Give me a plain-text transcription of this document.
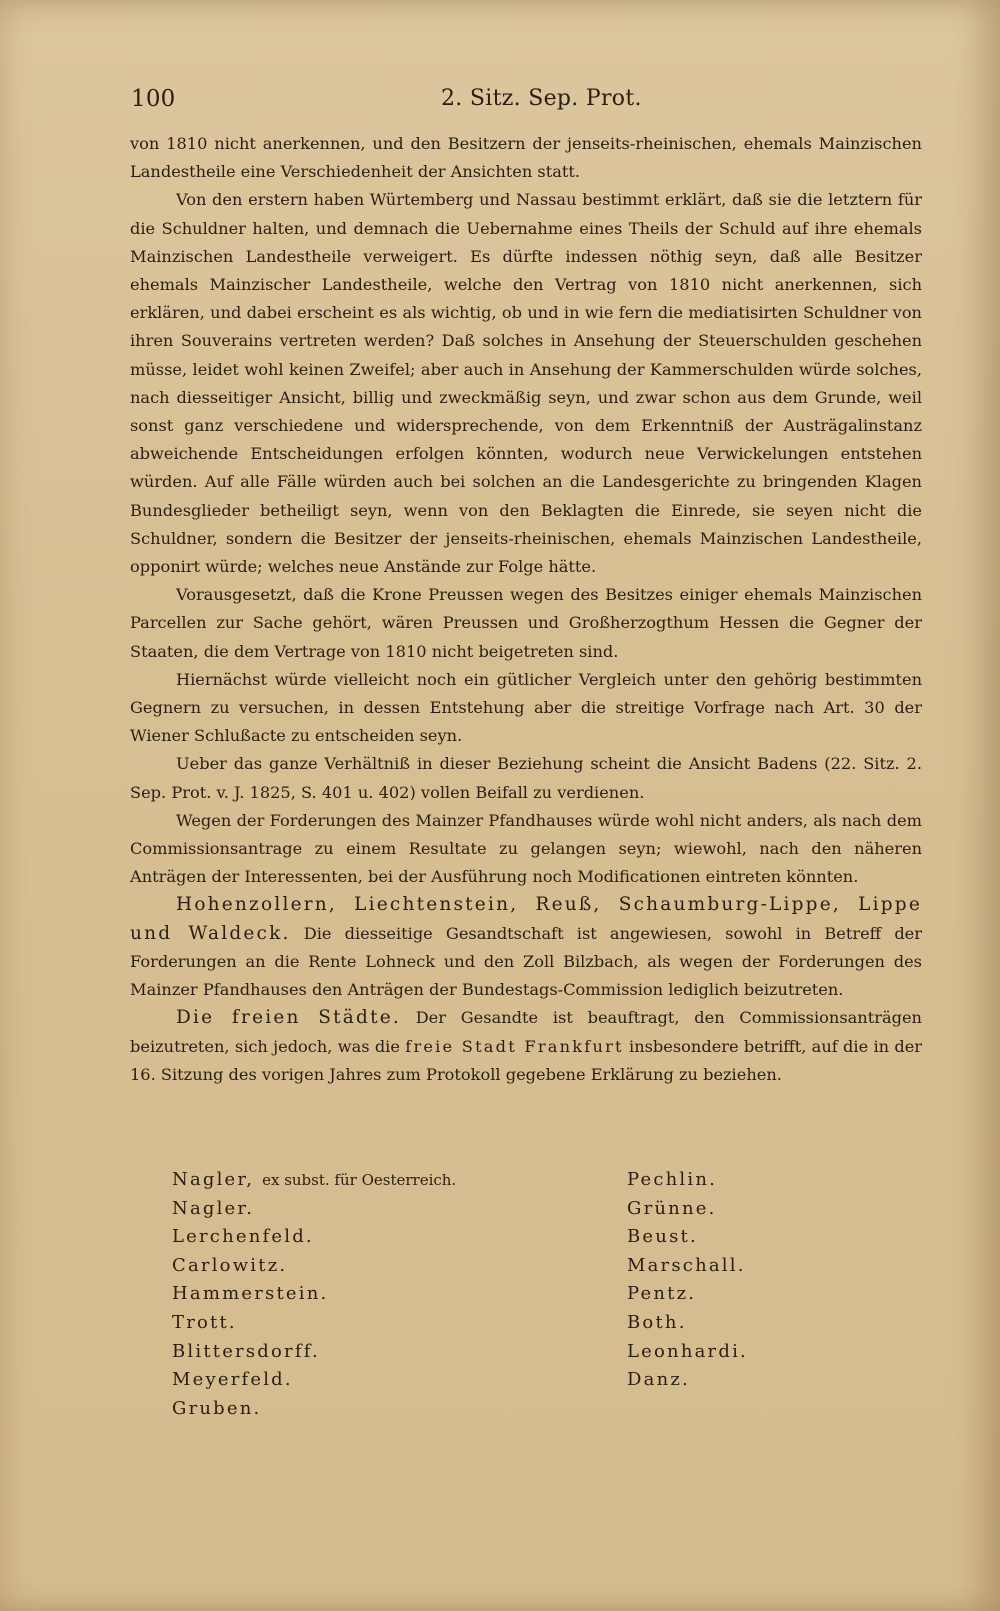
100	2. Sitz. Sep. Prot.

von 1810 nicht anerkennen, und den Besitzern der jenseits-rheinischen, ehemals Mainzischen Landestheile eine Verschiedenheit der Ansichten statt.

Von den erstern haben Würtemberg und Nassau bestimmt erklärt, daß sie die letztern für die Schuldner halten, und demnach die Uebernahme eines Theils der Schuld auf ihre ehemals Mainzischen Landestheile verweigert. Es dürfte indessen nöthig seyn, daß alle Besitzer ehemals Mainzischer Landestheile, welche den Vertrag von 1810 nicht anerkennen, sich erklären, und dabei erscheint es als wichtig, ob und in wie fern die mediatisirten Schuldner von ihren Souverains vertreten werden? Daß solches in Ansehung der Steuerschulden geschehen müsse, leidet wohl keinen Zweifel; aber auch in Ansehung der Kammerschulden würde solches, nach diesseitiger Ansicht, billig und zweckmäßig seyn, und zwar schon aus dem Grunde, weil sonst ganz verschiedene und widersprechende, von dem Erkenntniß der Austrägalinstanz abweichende Entscheidungen erfolgen könnten, wodurch neue Verwickelungen entstehen würden. Auf alle Fälle würden auch bei solchen an die Landesgerichte zu bringenden Klagen Bundesglieder betheiligt seyn, wenn von den Beklagten die Einrede, sie seyen nicht die Schuldner, sondern die Besitzer der jenseits-rheinischen, ehemals Mainzischen Landestheile, opponirt würde; welches neue Anstände zur Folge hätte.

Vorausgesetzt, daß die Krone Preussen wegen des Besitzes einiger ehemals Mainzischen Parcellen zur Sache gehört, wären Preussen und Großherzogthum Hessen die Gegner der Staaten, die dem Vertrage von 1810 nicht beigetreten sind.

Hiernächst würde vielleicht noch ein gütlicher Vergleich unter den gehörig bestimmten Gegnern zu versuchen, in dessen Entstehung aber die streitige Vorfrage nach Art. 30 der Wiener Schlußacte zu entscheiden seyn.

Ueber das ganze Verhältniß in dieser Beziehung scheint die Ansicht Badens (22. Sitz. 2. Sep. Prot. v. J. 1825, S. 401 u. 402) vollen Beifall zu verdienen.

Wegen der Forderungen des Mainzer Pfandhauses würde wohl nicht anders, als nach dem Commissionsantrage zu einem Resultate zu gelangen seyn; wiewohl, nach den näheren Anträgen der Interessenten, bei der Ausführung noch Modificationen eintreten könnten.

Hohenzollern, Liechtenstein, Reuß, Schaumburg-Lippe, Lippe und Waldeck. Die diesseitige Gesandtschaft ist angewiesen, sowohl in Betreff der Forderungen an die Rente Lohneck und den Zoll Bilzbach, als wegen der Forderungen des Mainzer Pfandhauses den Anträgen der Bundestags-Commission lediglich beizutreten.

Die freien Städte. Der Gesandte ist beauftragt, den Commissionsanträgen beizutreten, sich jedoch, was die freie Stadt Frankfurt insbesondere betrifft, auf die in der 16. Sitzung des vorigen Jahres zum Protokoll gegebene Erklärung zu beziehen.

Nagler, ex subst. für Oesterreich.
Nagler.
Lerchenfeld.
Carlowitz.
Hammerstein.
Trott.
Blittersdorff.
Meyerfeld.
Gruben.
Pechlin.
Grünne.
Beust.
Marschall.
Pentz.
Both.
Leonhardi.
Danz.
